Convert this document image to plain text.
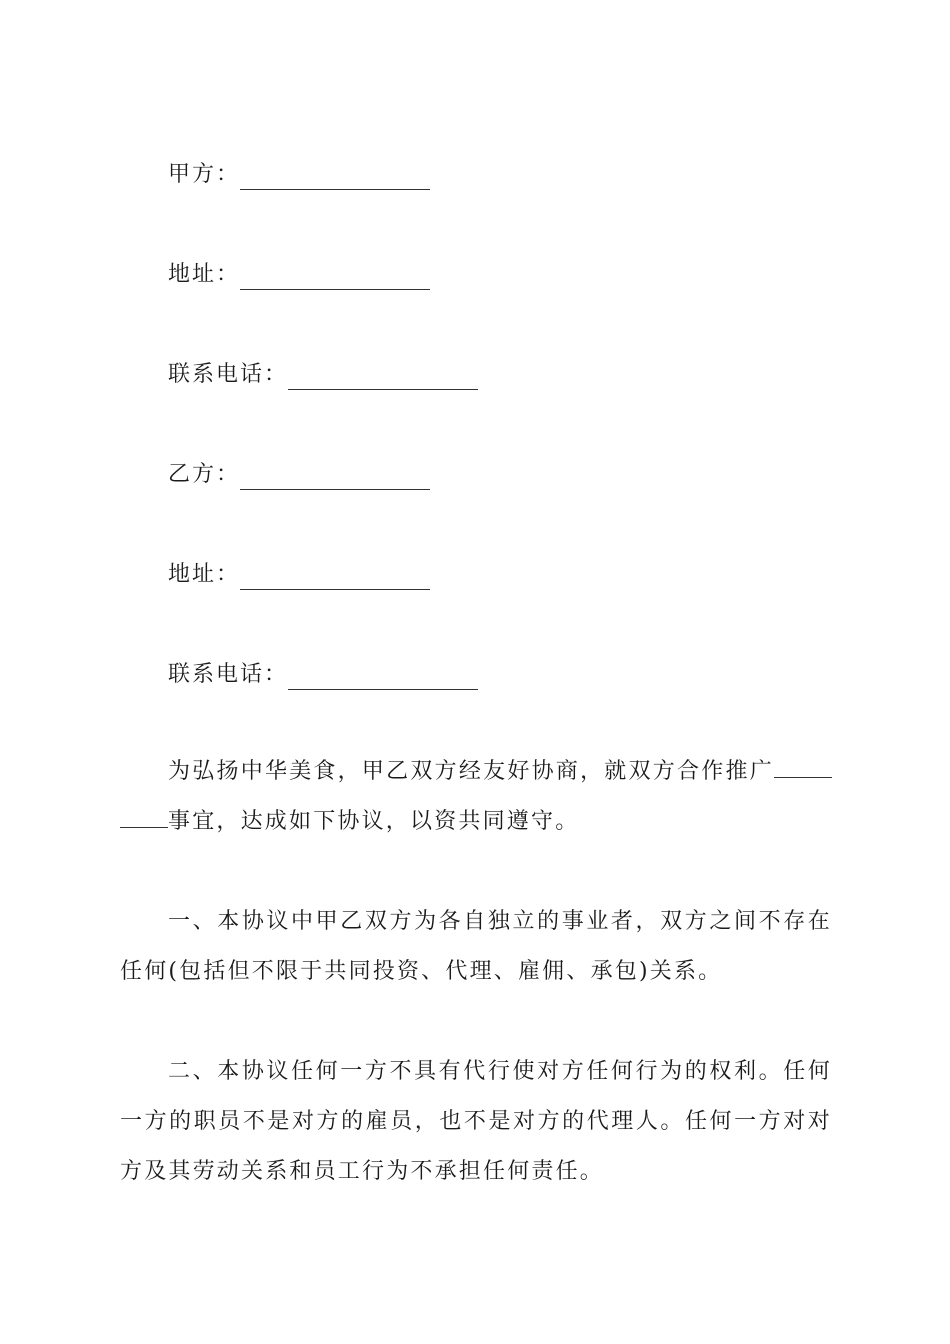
甲方：
地址：
联系电话：
乙方：
地址：
联系电话：

为弘扬中华美食，甲乙双方经友好协商，就双方合作推广事宜，达成如下协议，以资共同遵守。

一、本协议中甲乙双方为各自独立的事业者，双方之间不存在任何(包括但不限于共同投资、代理、雇佣、承包)关系。

二、本协议任何一方不具有代行使对方任何行为的权利。任何一方的职员不是对方的雇员，也不是对方的代理人。任何一方对对方及其劳动关系和员工行为不承担任何责任。
